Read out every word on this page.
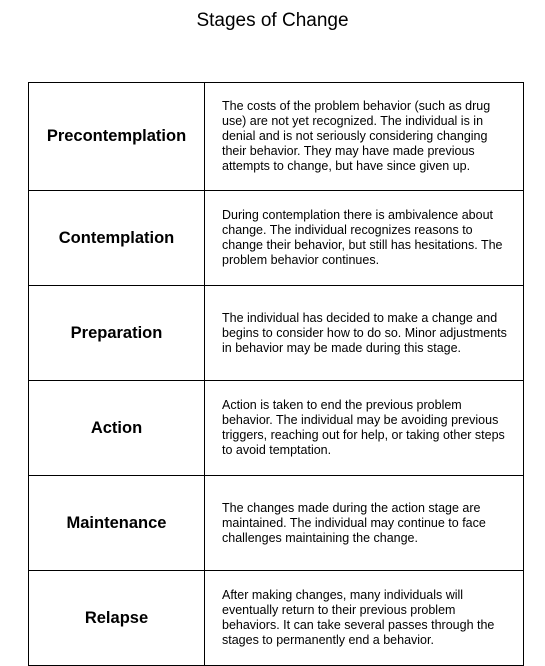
Stages of Change
Precontemplation	The costs of the problem behavior (such as drug use) are not yet recognized. The individual is in denial and is not seriously considering changing their behavior. They may have made previous attempts to change, but have since given up.
Contemplation	During contemplation there is ambivalence about change. The individual recognizes reasons to change their behavior, but still has hesitations. The problem behavior continues.
Preparation	The individual has decided to make a change and begins to consider how to do so. Minor adjustments in behavior may be made during this stage.
Action	Action is taken to end the previous problem behavior. The individual may be avoiding previous triggers, reaching out for help, or taking other steps to avoid temptation.
Maintenance	The changes made during the action stage are maintained. The individual may continue to face challenges maintaining the change.
Relapse	After making changes, many individuals will eventually return to their previous problem behaviors. It can take several passes through the stages to permanently end a behavior.
